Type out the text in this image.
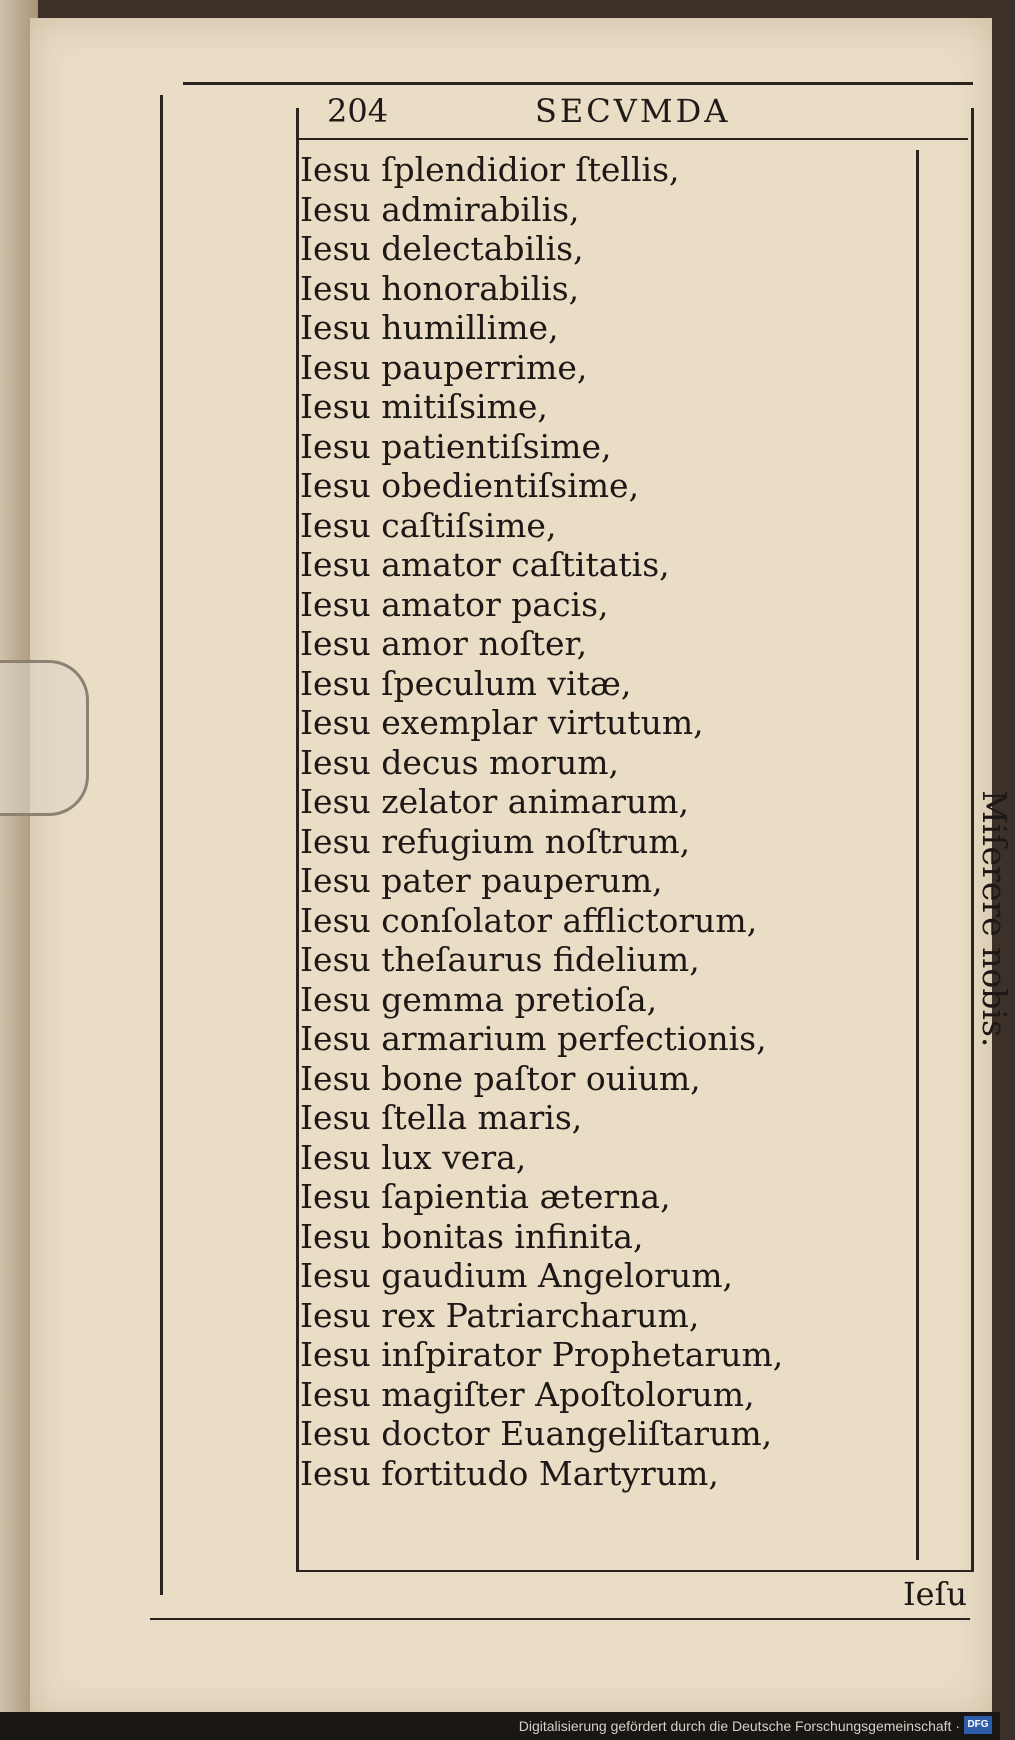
204	SECVMDA
Iesu ſplendidior ſtellis,
Iesu admirabilis,
Iesu delectabilis,
Iesu honorabilis,
Iesu humillime,
Iesu pauperrime,
Iesu mitiſsime,
Iesu patientiſsime,
Iesu obedientiſsime,
Iesu caſtiſsime,
Iesu amator caſtitatis,
Iesu amator pacis,
Iesu amor noſter,
Iesu ſpeculum vitæ,
Iesu exemplar virtutum,
Iesu decus morum,
Iesu zelator animarum,
Iesu refugium noſtrum,
Iesu pater pauperum,
Iesu conſolator afflictorum,
Iesu theſaurus fidelium,
Iesu gemma pretioſa,
Iesu armarium perfectionis,
Iesu bone paſtor ouium,
Iesu ſtella maris,
Iesu lux vera,
Iesu ſapientia æterna,
Iesu bonitas infinita,
Iesu gaudium Angelorum,
Iesu rex Patriarcharum,
Iesu inſpirator Prophetarum,
Iesu magiſter Apoſtolorum,
Iesu doctor Euangeliſtarum,
Iesu fortitudo Martyrum,
Miſerere nobis.
Ieſu
Digitalisierung gefördert durch die Deutsche Forschungsgemeinschaft · DFG
